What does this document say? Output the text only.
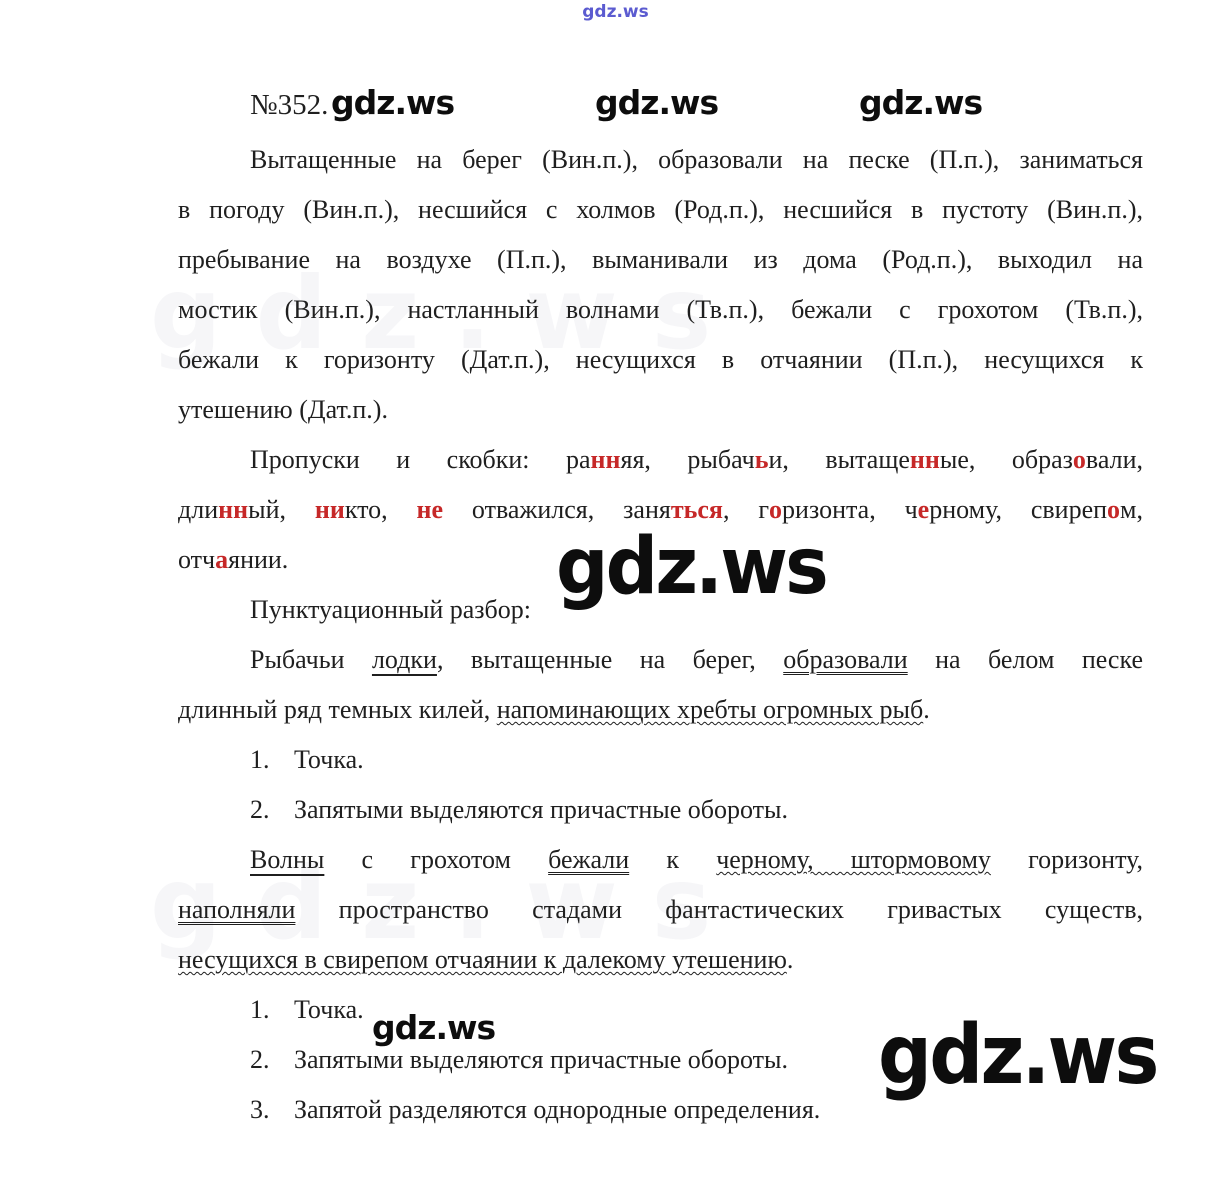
gdz.ws
№352. gdz.ws	gdz.ws	gdz.ws
Вытащенные на берег (Вин.п.), образовали на песке (П.п.), заниматься
в погоду (Вин.п.), несшийся с холмов (Род.п.), несшийся в пустоту (Вин.п.),
пребывание на воздухе (П.п.), выманивали из дома (Род.п.), выходил на
мостик (Вин.п.), настланный волнами (Тв.п.), бежали с грохотом (Тв.п.),
бежали к горизонту (Дат.п.), несущихся в отчаянии (П.п.), несущихся к
утешению (Дат.п.).
Пропуски и скобки: ранняя, рыбачьи, вытащенные, образовали,
длинный, никто, не отважился, заняться, горизонта, черному, свирепом,
отчаянии.
Пунктуационный разбор:
Рыбачьи лодки, вытащенные на берег, образовали на белом песке
длинный ряд темных килей, напоминающих хребты огромных рыб.
1. Точка.
2. Запятыми выделяются причастные обороты.
Волны с грохотом бежали к черному, штормовому горизонту,
наполняли пространство стадами фантастических гривастых существ,
несущихся в свирепом отчаянии к далекому утешению.
1. Точка.
2. Запятыми выделяются причастные обороты.
3. Запятой разделяются однородные определения.
gdz.ws
gdz.ws	gdz.ws
